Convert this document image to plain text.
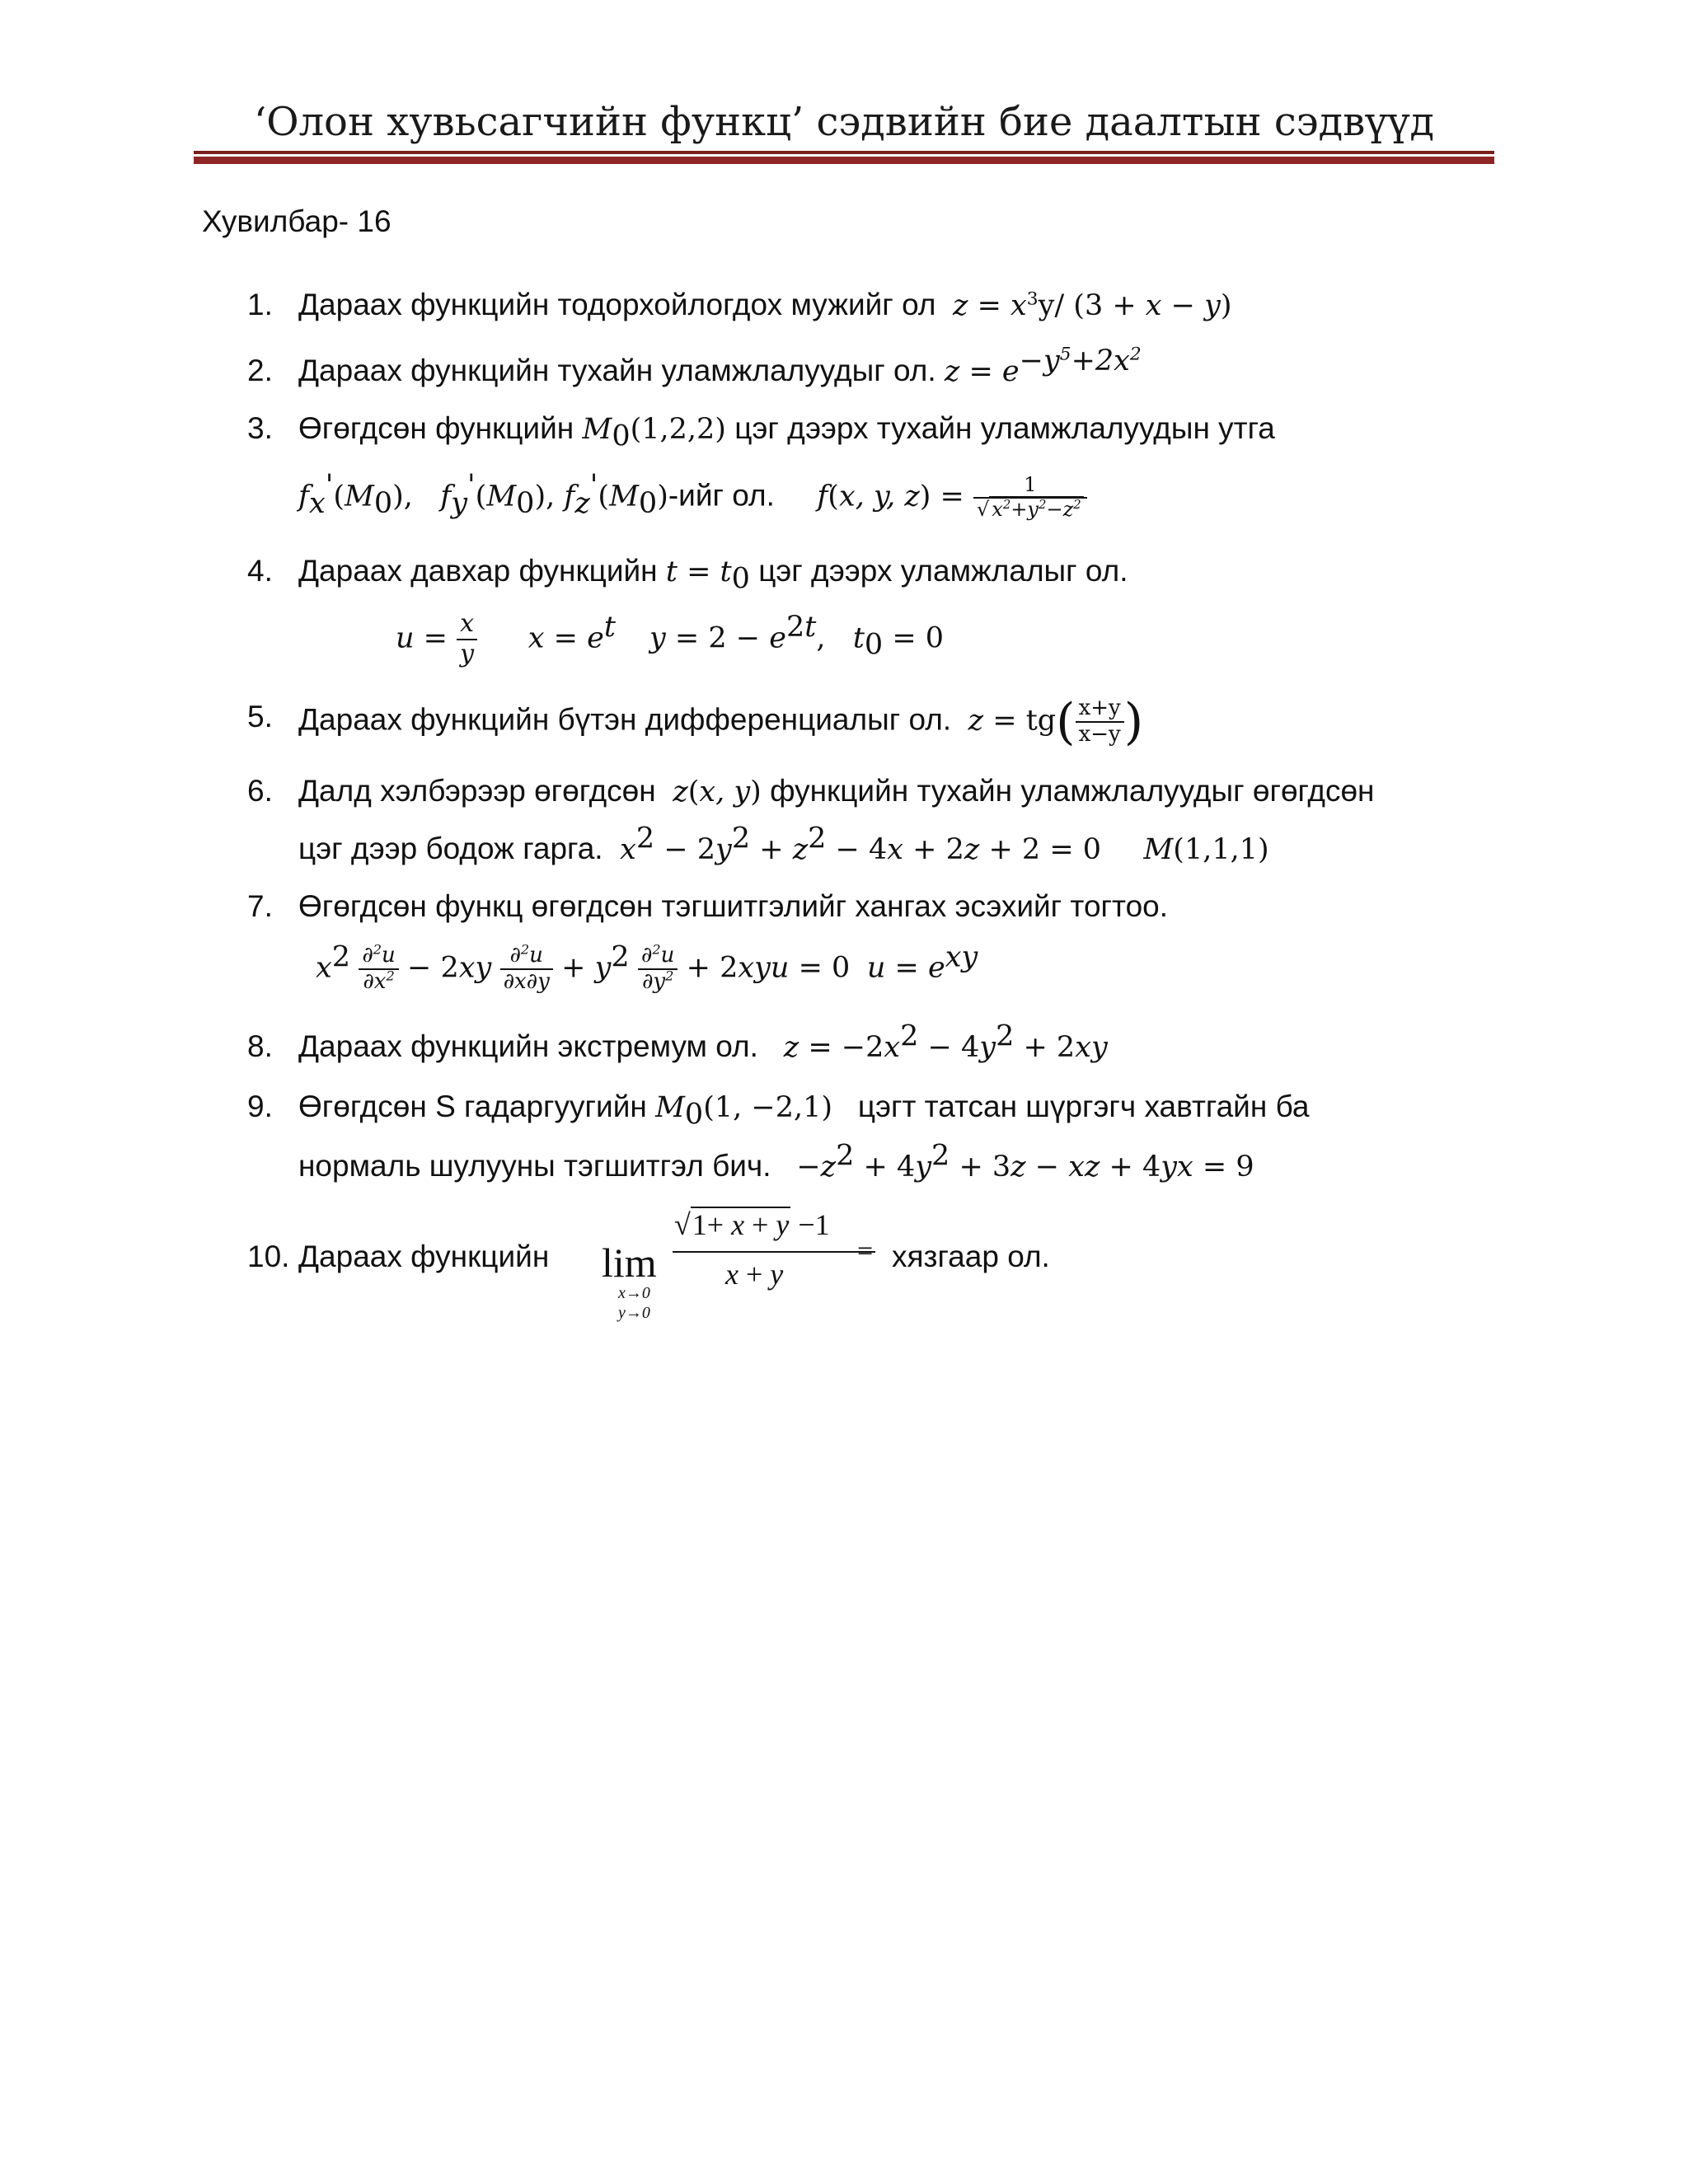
‘Олон хувьсагчийн функц’ сэдвийн бие даалтын сэдвүүд
Хувилбар- 16
1. Дараах функцийн тодорхойлогдох мужийг ол $z = x^3y/$ (3 + x − y)
2. Дараах функцийн тухайн уламжлалуудыг ол. $z = e^{-y^5+2x^2}$
3. Өгөгдсөн функцийн $M_0(1,2,2)$ цэг дээрх тухайн уламжлалуудын утга
$f_x'(M_0)$,   $f_y'(M_0)$, $f_z'(M_0)$-ийг ол. f(x, y, $z) = \frac{1}{√ x^2+y^2-z^2}$
4. Дараах давхар функцийн $t = t_0$ цэг дээрх уламжлалыг ол.
$u = \frac{x}{y}$ $x = e^t$ $y = 2 - e^{2t}$,   $t_0 = 0$
5. Дараах функцийн бүтэн дифференциалыг ол. $z = tg( \frac{x+y}{x-y}$ )
6. Далд хэлбэрээр өгөгдсөн z(x, y) функцийн тухайн уламжлалуудыг өгөгдсөн
цэг дээр бодож гарга. $x^2 - 2y^2 + z^2 - 4x + 2z + 2 = 0$ M(1,1,1)
7. Өгөгдсөн функц өгөгдсөн тэгшитгэлийг хангах эсэхийг тогтоо.
$x^2 \frac{\partial^2u}{\partial x^2} - 2xy \frac{\partial^2u}{\partial x\partial y} + y^2 \frac{\partial^2u}{\partial y^2} + 2xyu = 0$ $u = e^{xy}$
8. Дараах функцийн экстремум ол. $z = -2x^2 - 4y^2 + 2xy$
9. Өгөгдсөн S гадаргуугийн $M_0(1$, −2,1) цэгт татсан шүргэгч хавтгайн ба
нормаль шулууны тэгшитгэл бич. $-z^2 + 4y^2 + 3z$ − xz + 4yx = 9
10. Дараах функцийн lim
x→0
y→0
√1+ x + y −1
x + y
= хязгаар ол.
